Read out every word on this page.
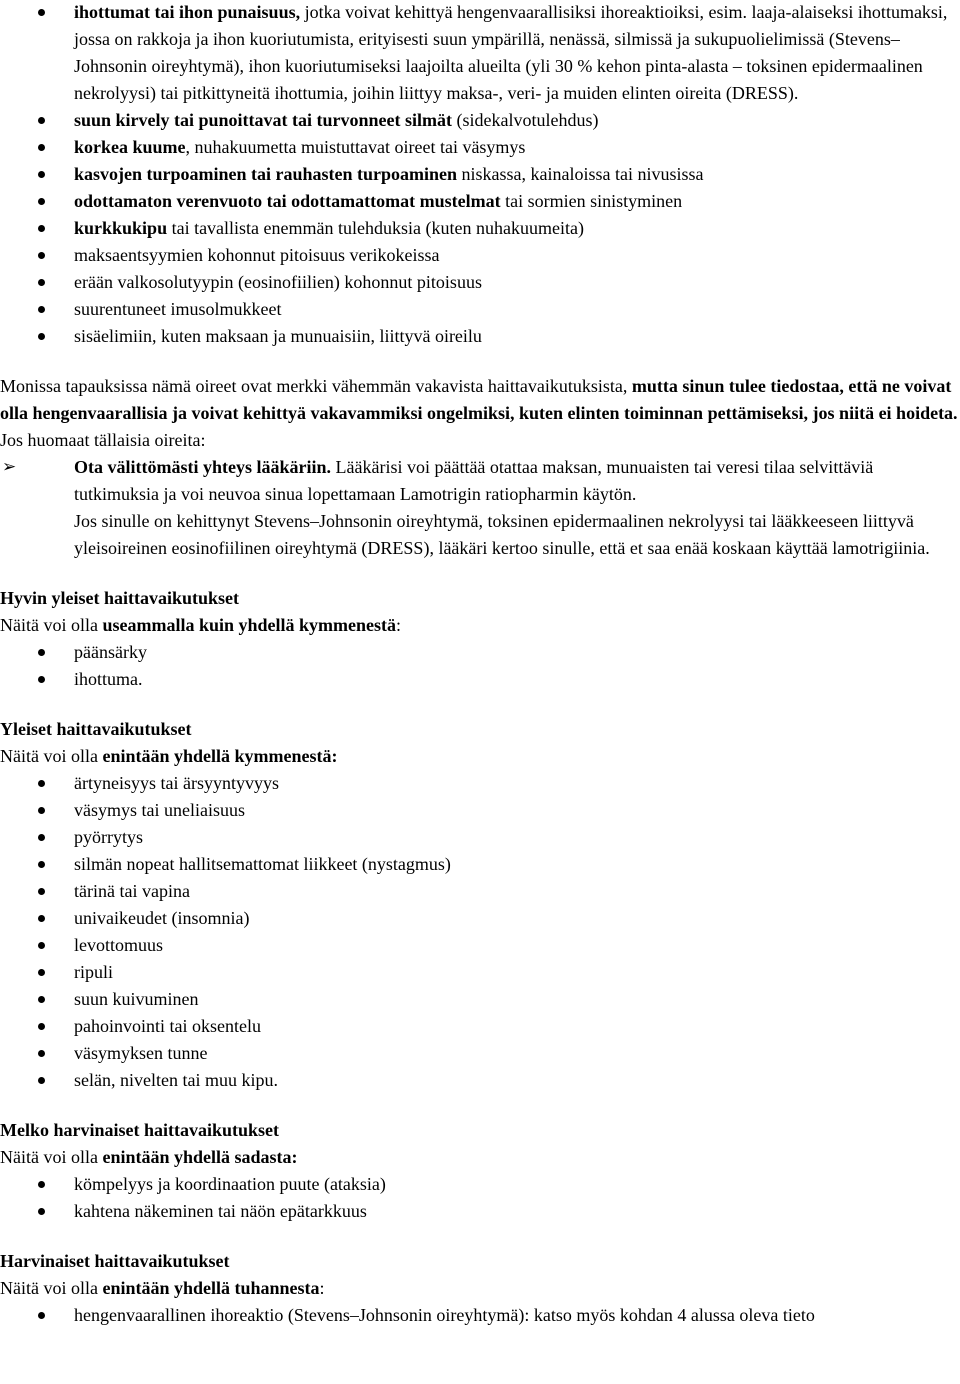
ihottumat tai ihon punaisuus, jotka voivat kehittyä hengenvaarallisiksi ihoreaktioiksi, esim. laaja-alaiseksi ihottumaksi, jossa on rakkoja ja ihon kuoriutumista, erityisesti suun ympärillä, nenässä, silmissä ja sukupuolielimissä (Stevens–Johnsonin oireyhtymä), ihon kuoriutumiseksi laajoilta alueilta (yli 30 % kehon pinta-alasta – toksinen epidermaalinen nekrolyysi) tai pitkittyneitä ihottumia, joihin liittyy maksa-, veri- ja muiden elinten oireita (DRESS).

suun kirvely tai punoittavat tai turvonneet silmät (sidekalvotulehdus)

korkea kuume, nuhakuumetta muistuttavat oireet tai väsymys

kasvojen turpoaminen tai rauhasten turpoaminen niskassa, kainaloissa tai nivusissa

odottamaton verenvuoto tai odottamattomat mustelmat tai sormien sinistyminen

kurkkukipu tai tavallista enemmän tulehduksia (kuten nuhakuumeita)

maksaentsyymien kohonnut pitoisuus verikokeissa

erään valkosolutyypin (eosinofiilien) kohonnut pitoisuus

suurentuneet imusolmukkeet

sisäelimiin, kuten maksaan ja munuaisiin, liittyvä oireilu

Monissa tapauksissa nämä oireet ovat merkki vähemmän vakavista haittavaikutuksista, mutta sinun tulee tiedostaa, että ne voivat olla hengenvaarallisia ja voivat kehittyä vakavammiksi ongelmiksi, kuten elinten toiminnan pettämiseksi, jos niitä ei hoideta. Jos huomaat tällaisia oireita:

➢	Ota välittömästi yhteys lääkäriin. Lääkärisi voi päättää otattaa maksan, munuaisten tai veresi tilaa selvittäviä tutkimuksia ja voi neuvoa sinua lopettamaan Lamotrigin ratiopharmin käytön.

Jos sinulle on kehittynyt Stevens–Johnsonin oireyhtymä, toksinen epidermaalinen nekrolyysi tai lääkkeeseen liittyvä yleisoireinen eosinofiilinen oireyhtymä (DRESS), lääkäri kertoo sinulle, että et saa enää koskaan käyttää lamotrigiinia.

Hyvin yleiset haittavaikutukset

Näitä voi olla useammalla kuin yhdellä kymmenestä:

päänsärky

ihottuma.

Yleiset haittavaikutukset

Näitä voi olla enintään yhdellä kymmenestä:

ärtyneisyys tai ärsyyntyvyys

väsymys tai uneliaisuus

pyörrytys

silmän nopeat hallitsemattomat liikkeet (nystagmus)

tärinä tai vapina

univaikeudet (insomnia)

levottomuus

ripuli

suun kuivuminen

pahoinvointi tai oksentelu

väsymyksen tunne

selän, nivelten tai muu kipu.

Melko harvinaiset haittavaikutukset

Näitä voi olla enintään yhdellä sadasta:

kömpelyys ja koordinaation puute (ataksia)

kahtena näkeminen tai näön epätarkkuus

Harvinaiset haittavaikutukset

Näitä voi olla enintään yhdellä tuhannesta:

hengenvaarallinen ihoreaktio (Stevens–Johnsonin oireyhtymä): katso myös kohdan 4 alussa oleva tieto
